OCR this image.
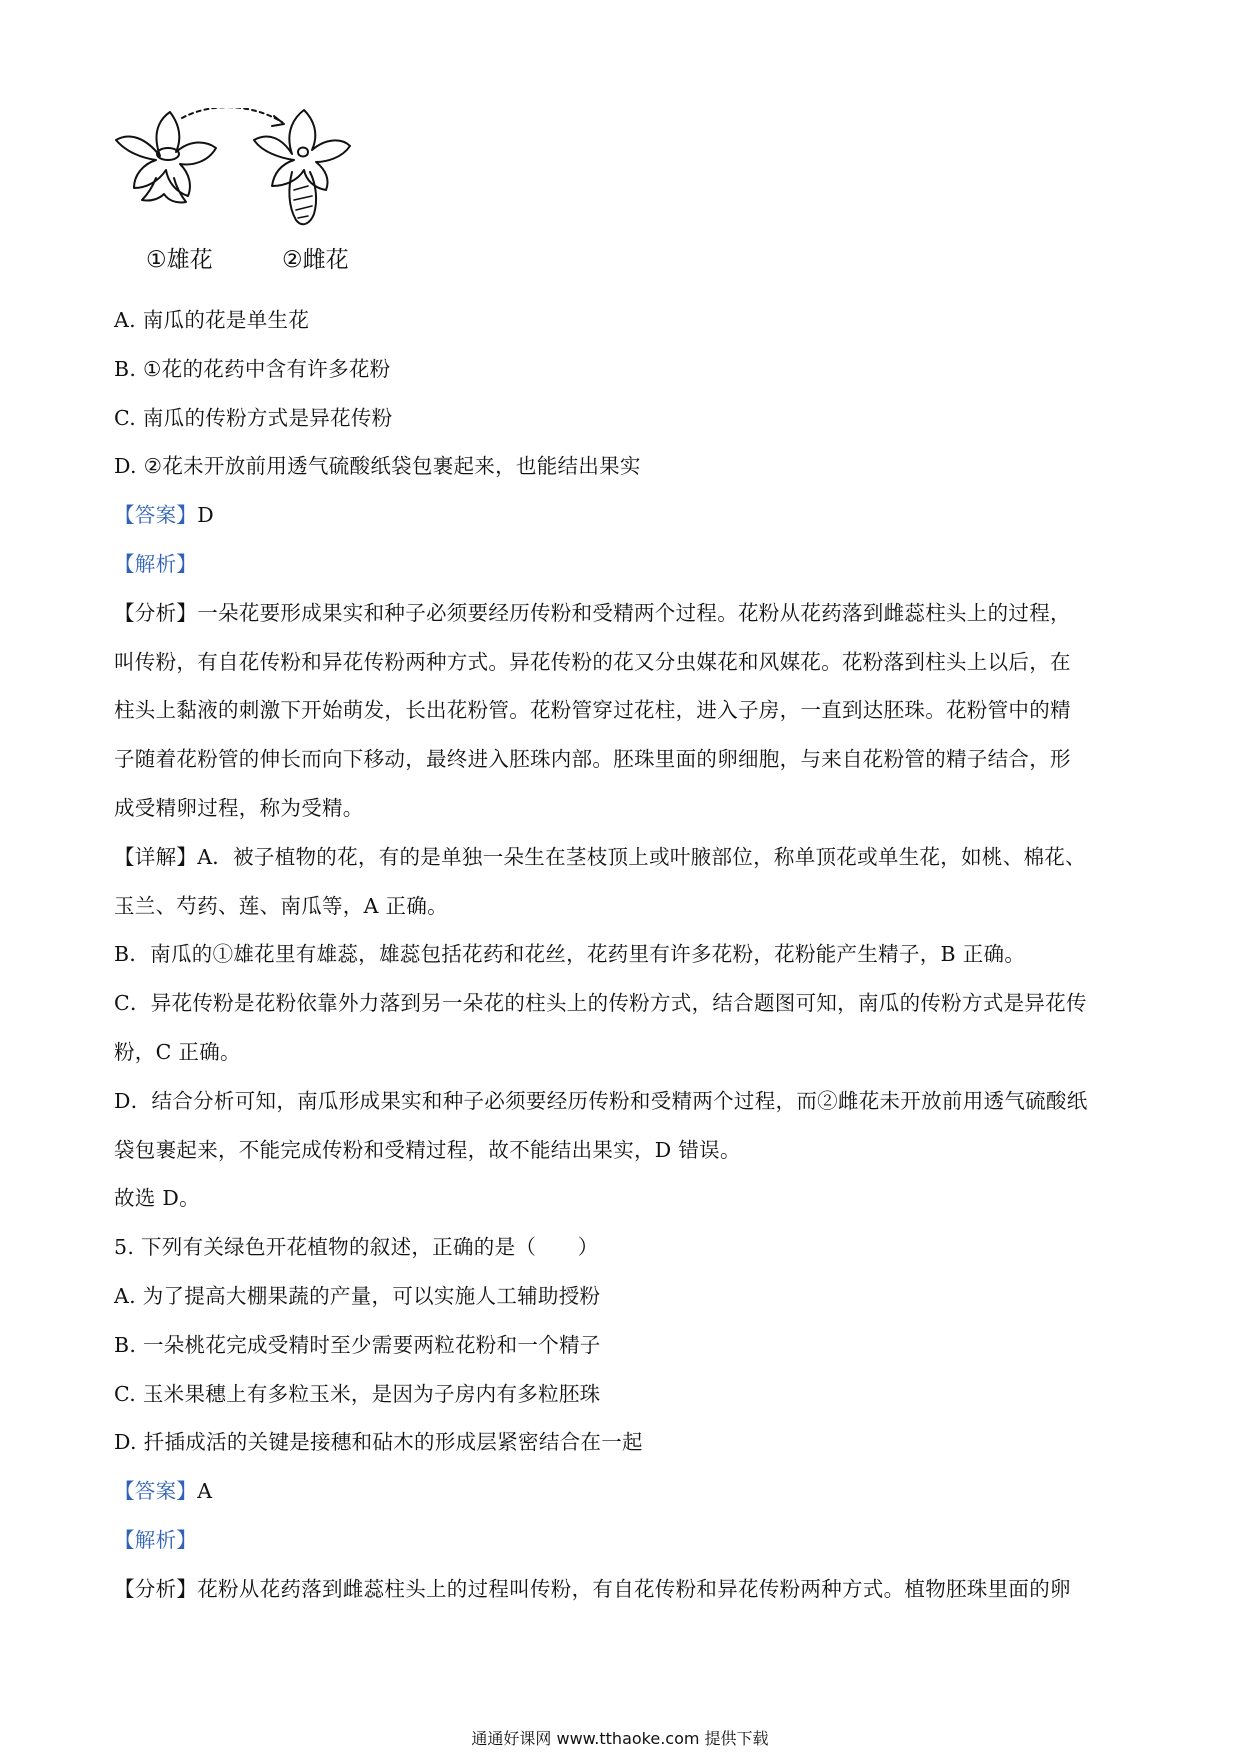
①雄花	②雌花
A. 南瓜的花是单生花
B. ①花的花药中含有许多花粉
C. 南瓜的传粉方式是异花传粉
D. ②花未开放前用透气硫酸纸袋包裹起来，也能结出果实
【答案】D
【解析】
【分析】一朵花要形成果实和种子必须要经历传粉和受精两个过程。花粉从花药落到雌蕊柱头上的过程，
叫传粉，有自花传粉和异花传粉两种方式。异花传粉的花又分虫媒花和风媒花。花粉落到柱头上以后，在
柱头上黏液的刺激下开始萌发，长出花粉管。花粉管穿过花柱，进入子房，一直到达胚珠。花粉管中的精
子随着花粉管的伸长而向下移动，最终进入胚珠内部。胚珠里面的卵细胞，与来自花粉管的精子结合，形
成受精卵过程，称为受精。
【详解】A．被子植物的花，有的是单独一朵生在茎枝顶上或叶腋部位，称单顶花或单生花，如桃、棉花、
玉兰、芍药、莲、南瓜等，A 正确。
B．南瓜的①雄花里有雄蕊，雄蕊包括花药和花丝，花药里有许多花粉，花粉能产生精子，B 正确。
C．异花传粉是花粉依靠外力落到另一朵花的柱头上的传粉方式，结合题图可知，南瓜的传粉方式是异花传
粉，C 正确。
D．结合分析可知，南瓜形成果实和种子必须要经历传粉和受精两个过程，而②雌花未开放前用透气硫酸纸
袋包裹起来，不能完成传粉和受精过程，故不能结出果实，D 错误。
故选 D。
5. 下列有关绿色开花植物的叙述，正确的是（　　）
A. 为了提高大棚果蔬的产量，可以实施人工辅助授粉
B. 一朵桃花完成受精时至少需要两粒花粉和一个精子
C. 玉米果穗上有多粒玉米，是因为子房内有多粒胚珠
D. 扦插成活的关键是接穗和砧木的形成层紧密结合在一起
【答案】A
【解析】
【分析】花粉从花药落到雌蕊柱头上的过程叫传粉，有自花传粉和异花传粉两种方式。植物胚珠里面的卵
通通好课网 www.tthaoke.com 提供下载
